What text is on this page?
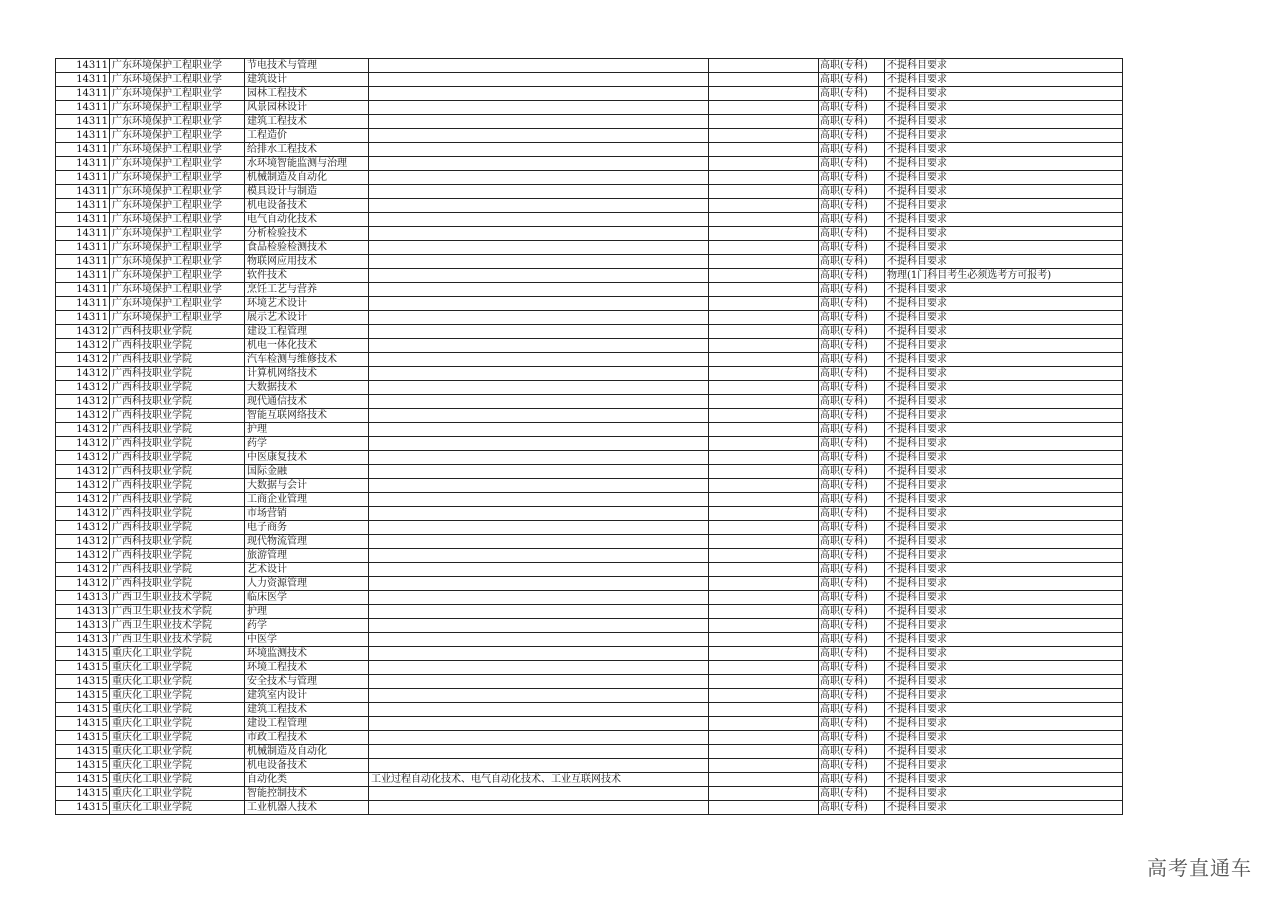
14311	广东环境保护工程职业学	节电技术与管理			高职(专科)	不提科目要求
14311	广东环境保护工程职业学	建筑设计			高职(专科)	不提科目要求
14311	广东环境保护工程职业学	园林工程技术			高职(专科)	不提科目要求
14311	广东环境保护工程职业学	风景园林设计			高职(专科)	不提科目要求
14311	广东环境保护工程职业学	建筑工程技术			高职(专科)	不提科目要求
14311	广东环境保护工程职业学	工程造价			高职(专科)	不提科目要求
14311	广东环境保护工程职业学	给排水工程技术			高职(专科)	不提科目要求
14311	广东环境保护工程职业学	水环境智能监测与治理			高职(专科)	不提科目要求
14311	广东环境保护工程职业学	机械制造及自动化			高职(专科)	不提科目要求
14311	广东环境保护工程职业学	模具设计与制造			高职(专科)	不提科目要求
14311	广东环境保护工程职业学	机电设备技术			高职(专科)	不提科目要求
14311	广东环境保护工程职业学	电气自动化技术			高职(专科)	不提科目要求
14311	广东环境保护工程职业学	分析检验技术			高职(专科)	不提科目要求
14311	广东环境保护工程职业学	食品检验检测技术			高职(专科)	不提科目要求
14311	广东环境保护工程职业学	物联网应用技术			高职(专科)	不提科目要求
14311	广东环境保护工程职业学	软件技术			高职(专科)	物理(1门科目考生必须选考方可报考)
14311	广东环境保护工程职业学	烹饪工艺与营养			高职(专科)	不提科目要求
14311	广东环境保护工程职业学	环境艺术设计			高职(专科)	不提科目要求
14311	广东环境保护工程职业学	展示艺术设计			高职(专科)	不提科目要求
14312	广西科技职业学院	建设工程管理			高职(专科)	不提科目要求
14312	广西科技职业学院	机电一体化技术			高职(专科)	不提科目要求
14312	广西科技职业学院	汽车检测与维修技术			高职(专科)	不提科目要求
14312	广西科技职业学院	计算机网络技术			高职(专科)	不提科目要求
14312	广西科技职业学院	大数据技术			高职(专科)	不提科目要求
14312	广西科技职业学院	现代通信技术			高职(专科)	不提科目要求
14312	广西科技职业学院	智能互联网络技术			高职(专科)	不提科目要求
14312	广西科技职业学院	护理			高职(专科)	不提科目要求
14312	广西科技职业学院	药学			高职(专科)	不提科目要求
14312	广西科技职业学院	中医康复技术			高职(专科)	不提科目要求
14312	广西科技职业学院	国际金融			高职(专科)	不提科目要求
14312	广西科技职业学院	大数据与会计			高职(专科)	不提科目要求
14312	广西科技职业学院	工商企业管理			高职(专科)	不提科目要求
14312	广西科技职业学院	市场营销			高职(专科)	不提科目要求
14312	广西科技职业学院	电子商务			高职(专科)	不提科目要求
14312	广西科技职业学院	现代物流管理			高职(专科)	不提科目要求
14312	广西科技职业学院	旅游管理			高职(专科)	不提科目要求
14312	广西科技职业学院	艺术设计			高职(专科)	不提科目要求
14312	广西科技职业学院	人力资源管理			高职(专科)	不提科目要求
14313	广西卫生职业技术学院	临床医学			高职(专科)	不提科目要求
14313	广西卫生职业技术学院	护理			高职(专科)	不提科目要求
14313	广西卫生职业技术学院	药学			高职(专科)	不提科目要求
14313	广西卫生职业技术学院	中医学			高职(专科)	不提科目要求
14315	重庆化工职业学院	环境监测技术			高职(专科)	不提科目要求
14315	重庆化工职业学院	环境工程技术			高职(专科)	不提科目要求
14315	重庆化工职业学院	安全技术与管理			高职(专科)	不提科目要求
14315	重庆化工职业学院	建筑室内设计			高职(专科)	不提科目要求
14315	重庆化工职业学院	建筑工程技术			高职(专科)	不提科目要求
14315	重庆化工职业学院	建设工程管理			高职(专科)	不提科目要求
14315	重庆化工职业学院	市政工程技术			高职(专科)	不提科目要求
14315	重庆化工职业学院	机械制造及自动化			高职(专科)	不提科目要求
14315	重庆化工职业学院	机电设备技术			高职(专科)	不提科目要求
14315	重庆化工职业学院	自动化类	工业过程自动化技术、电气自动化技术、工业互联网技术		高职(专科)	不提科目要求
14315	重庆化工职业学院	智能控制技术			高职(专科)	不提科目要求
14315	重庆化工职业学院	工业机器人技术			高职(专科)	不提科目要求
高考直通车
